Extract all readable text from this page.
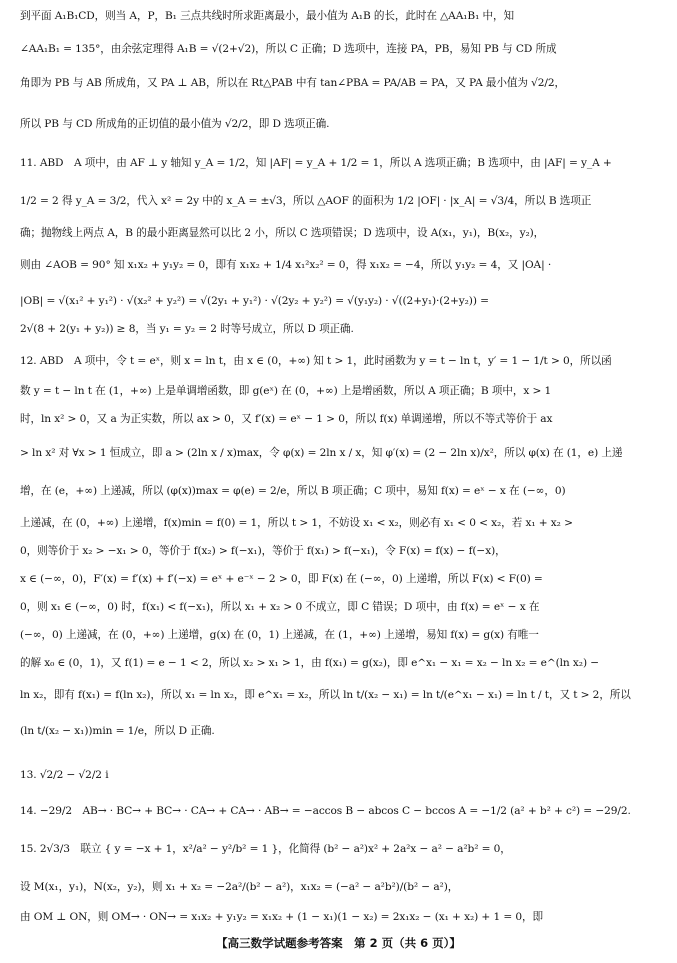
到平面 A₁B₁CD，则当 A，P，B₁ 三点共线时所求距离最小，最小值为 A₁B 的长，此时在 △AA₁B₁ 中，知
∠AA₁B₁ = 135°，由余弦定理得 A₁B = √(2+√2)，所以 C 正确；D 选项中，连接 PA，PB，易知 PB 与 CD 所成
角即为 PB 与 AB 所成角，又 PA ⊥ AB，所以在 Rt△PAB 中有 tan∠PBA = PA/AB = PA，又 PA 最小值为 √2/2，
所以 PB 与 CD 所成角的正切值的最小值为 √2/2，即 D 选项正确.
11. ABD　A 项中，由 AF ⊥ y 轴知 y_A = 1/2，知 |AF| = y_A + 1/2 = 1，所以 A 选项正确；B 选项中，由 |AF| = y_A +
1/2 = 2 得 y_A = 3/2，代入 x² = 2y 中的 x_A = ±√3，所以 △AOF 的面积为 1/2 |OF| · |x_A| = √3/4，所以 B 选项正
确；抛物线上两点 A，B 的最小距离显然可以比 2 小，所以 C 选项错误；D 选项中，设 A(x₁，y₁)，B(x₂，y₂)，
则由 ∠AOB = 90° 知 x₁x₂ + y₁y₂ = 0，即有 x₁x₂ + 1/4 x₁²x₂² = 0，得 x₁x₂ = −4，所以 y₁y₂ = 4，又 |OA| ·
|OB| = √(x₁² + y₁²) · √(x₂² + y₂²) = √(2y₁ + y₁²) · √(2y₂ + y₂²) = √(y₁y₂) · √((2+y₁)·(2+y₂)) =
2√(8 + 2(y₁ + y₂)) ≥ 8，当 y₁ = y₂ = 2 时等号成立，所以 D 项正确.
12. ABD　A 项中，令 t = eˣ，则 x = ln t，由 x ∈ (0，+∞) 知 t > 1，此时函数为 y = t − ln t，y′ = 1 − 1/t > 0，所以函
数 y = t − ln t 在 (1，+∞) 上是单调增函数，即 g(eˣ) 在 (0，+∞) 上是增函数，所以 A 项正确；B 项中，x > 1
时，ln x² > 0，又 a 为正实数，所以 ax > 0，又 f′(x) = eˣ − 1 > 0，所以 f(x) 单调递增，所以不等式等价于 ax
> ln x² 对 ∀x > 1 恒成立，即 a > (2ln x / x)max，令 φ(x) = 2ln x / x，知 φ′(x) = (2 − 2ln x)/x²，所以 φ(x) 在 (1，e) 上递
增，在 (e，+∞) 上递减，所以 (φ(x))max = φ(e) = 2/e，所以 B 项正确；C 项中，易知 f(x) = eˣ − x 在 (−∞，0)
上递减，在 (0，+∞) 上递增，f(x)min = f(0) = 1，所以 t > 1，不妨设 x₁ < x₂，则必有 x₁ < 0 < x₂，若 x₁ + x₂ >
0，则等价于 x₂ > −x₁ > 0，等价于 f(x₂) > f(−x₁)，等价于 f(x₁) > f(−x₁)，令 F(x) = f(x) − f(−x)，
x ∈ (−∞，0)，F′(x) = f′(x) + f′(−x) = eˣ + e⁻ˣ − 2 > 0，即 F(x) 在 (−∞，0) 上递增，所以 F(x) < F(0) =
0，则 x₁ ∈ (−∞，0) 时，f(x₁) < f(−x₁)，所以 x₁ + x₂ > 0 不成立，即 C 错误；D 项中，由 f(x) = eˣ − x 在
(−∞，0) 上递减，在 (0，+∞) 上递增，g(x) 在 (0，1) 上递减，在 (1，+∞) 上递增，易知 f(x) = g(x) 有唯一
的解 x₀ ∈ (0，1)，又 f(1) = e − 1 < 2，所以 x₂ > x₁ > 1，由 f(x₁) = g(x₂)，即 e^x₁ − x₁ = x₂ − ln x₂ = e^(ln x₂) −
ln x₂，即有 f(x₁) = f(ln x₂)，所以 x₁ = ln x₂，即 e^x₁ = x₂，所以 ln t/(x₂ − x₁) = ln t/(e^x₁ − x₁) = ln t / t，又 t > 2，所以
(ln t/(x₂ − x₁))min = 1/e，所以 D 正确.
13. √2/2 − √2/2 i
14. −29/2　AB→ · BC→ + BC→ · CA→ + CA→ · AB→ = −accos B − abcos C − bccos A = −1/2 (a² + b² + c²) = −29/2.
15. 2√3/3　联立 { y = −x + 1，x²/a² − y²/b² = 1 }，化简得 (b² − a²)x² + 2a²x − a² − a²b² = 0，
设 M(x₁，y₁)，N(x₂，y₂)，则 x₁ + x₂ = −2a²/(b² − a²)，x₁x₂ = (−a² − a²b²)/(b² − a²)，
由 OM ⊥ ON，则 OM→ · ON→ = x₁x₂ + y₁y₂ = x₁x₂ + (1 − x₁)(1 − x₂) = 2x₁x₂ − (x₁ + x₂) + 1 = 0，即
【高三数学试题参考答案　第 2 页（共 6 页）】
